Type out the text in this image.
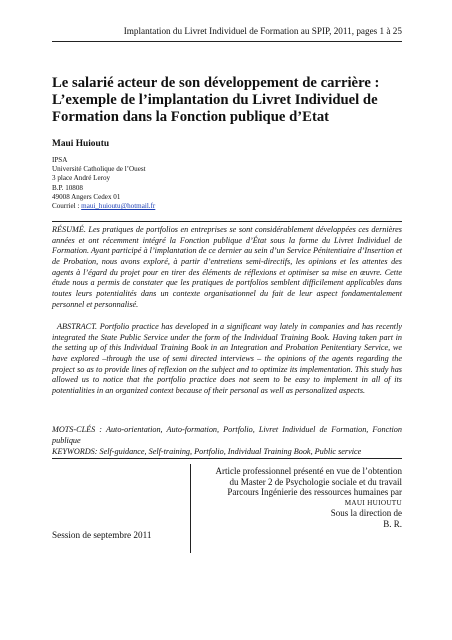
Implantation du Livret Individuel de Formation au SPIP, 2011, pages 1 à 25
Le salarié acteur de son développement de carrière :
L’exemple de l’implantation du Livret Individuel de
Formation dans la Fonction publique d’Etat
Maui Huioutu
IPSA
Université Catholique de l’Ouest
3 place André Leroy
B.P. 10808
49008 Angers Cedex 01
Courriel : maui_huioutu@hotmail.fr

RÉSUMÉ. Les pratiques de portfolios en entreprises se sont considérablement développées ces dernières années et ont récemment intégré la Fonction publique d’État sous la forme du Livret Individuel de Formation. Ayant participé à l’implantation de ce dernier au sein d’un Service Pénitentiaire d’Insertion et de Probation, nous avons exploré, à partir d’entretiens semi-directifs, les opinions et les attentes des agents à l’égard du projet pour en tirer des éléments de réflexions et optimiser sa mise en œuvre. Cette étude nous a permis de constater que les pratiques de portfolios semblent difficilement applicables dans toutes leurs potentialités dans un contexte organisationnel du fait de leur aspect fondamentalement personnel et personnalisé.

ABSTRACT. Portfolio practice has developed in a significant way lately in companies and has recently integrated the State Public Service under the form of the Individual Training Book. Having taken part in the setting up of this Individual Training Book in an Integration and Probation Penitentiary Service, we have explored –through the use of semi directed interviews – the opinions of the agents regarding the project so as to provide lines of reflexion on the subject and to optimize its implementation. This study has allowed us to notice that the portfolio practice does not seem to be easy to implement in all of its potentialities in an organized context because of their personal as well as personalized aspects.

MOTS-CLÉS : Auto-orientation, Auto-formation, Portfolio, Livret Individuel de Formation, Fonction publique

KEYWORDS: Self-guidance, Self-training, Portfolio, Individual Training Book, Public service

Article professionnel présenté en vue de l’obtention
du Master 2 de Psychologie sociale et du travail
Parcours Ingénierie des ressources humaines par
MAUI HUIOUTU
Sous la direction de
B. R.
Session de septembre 2011
